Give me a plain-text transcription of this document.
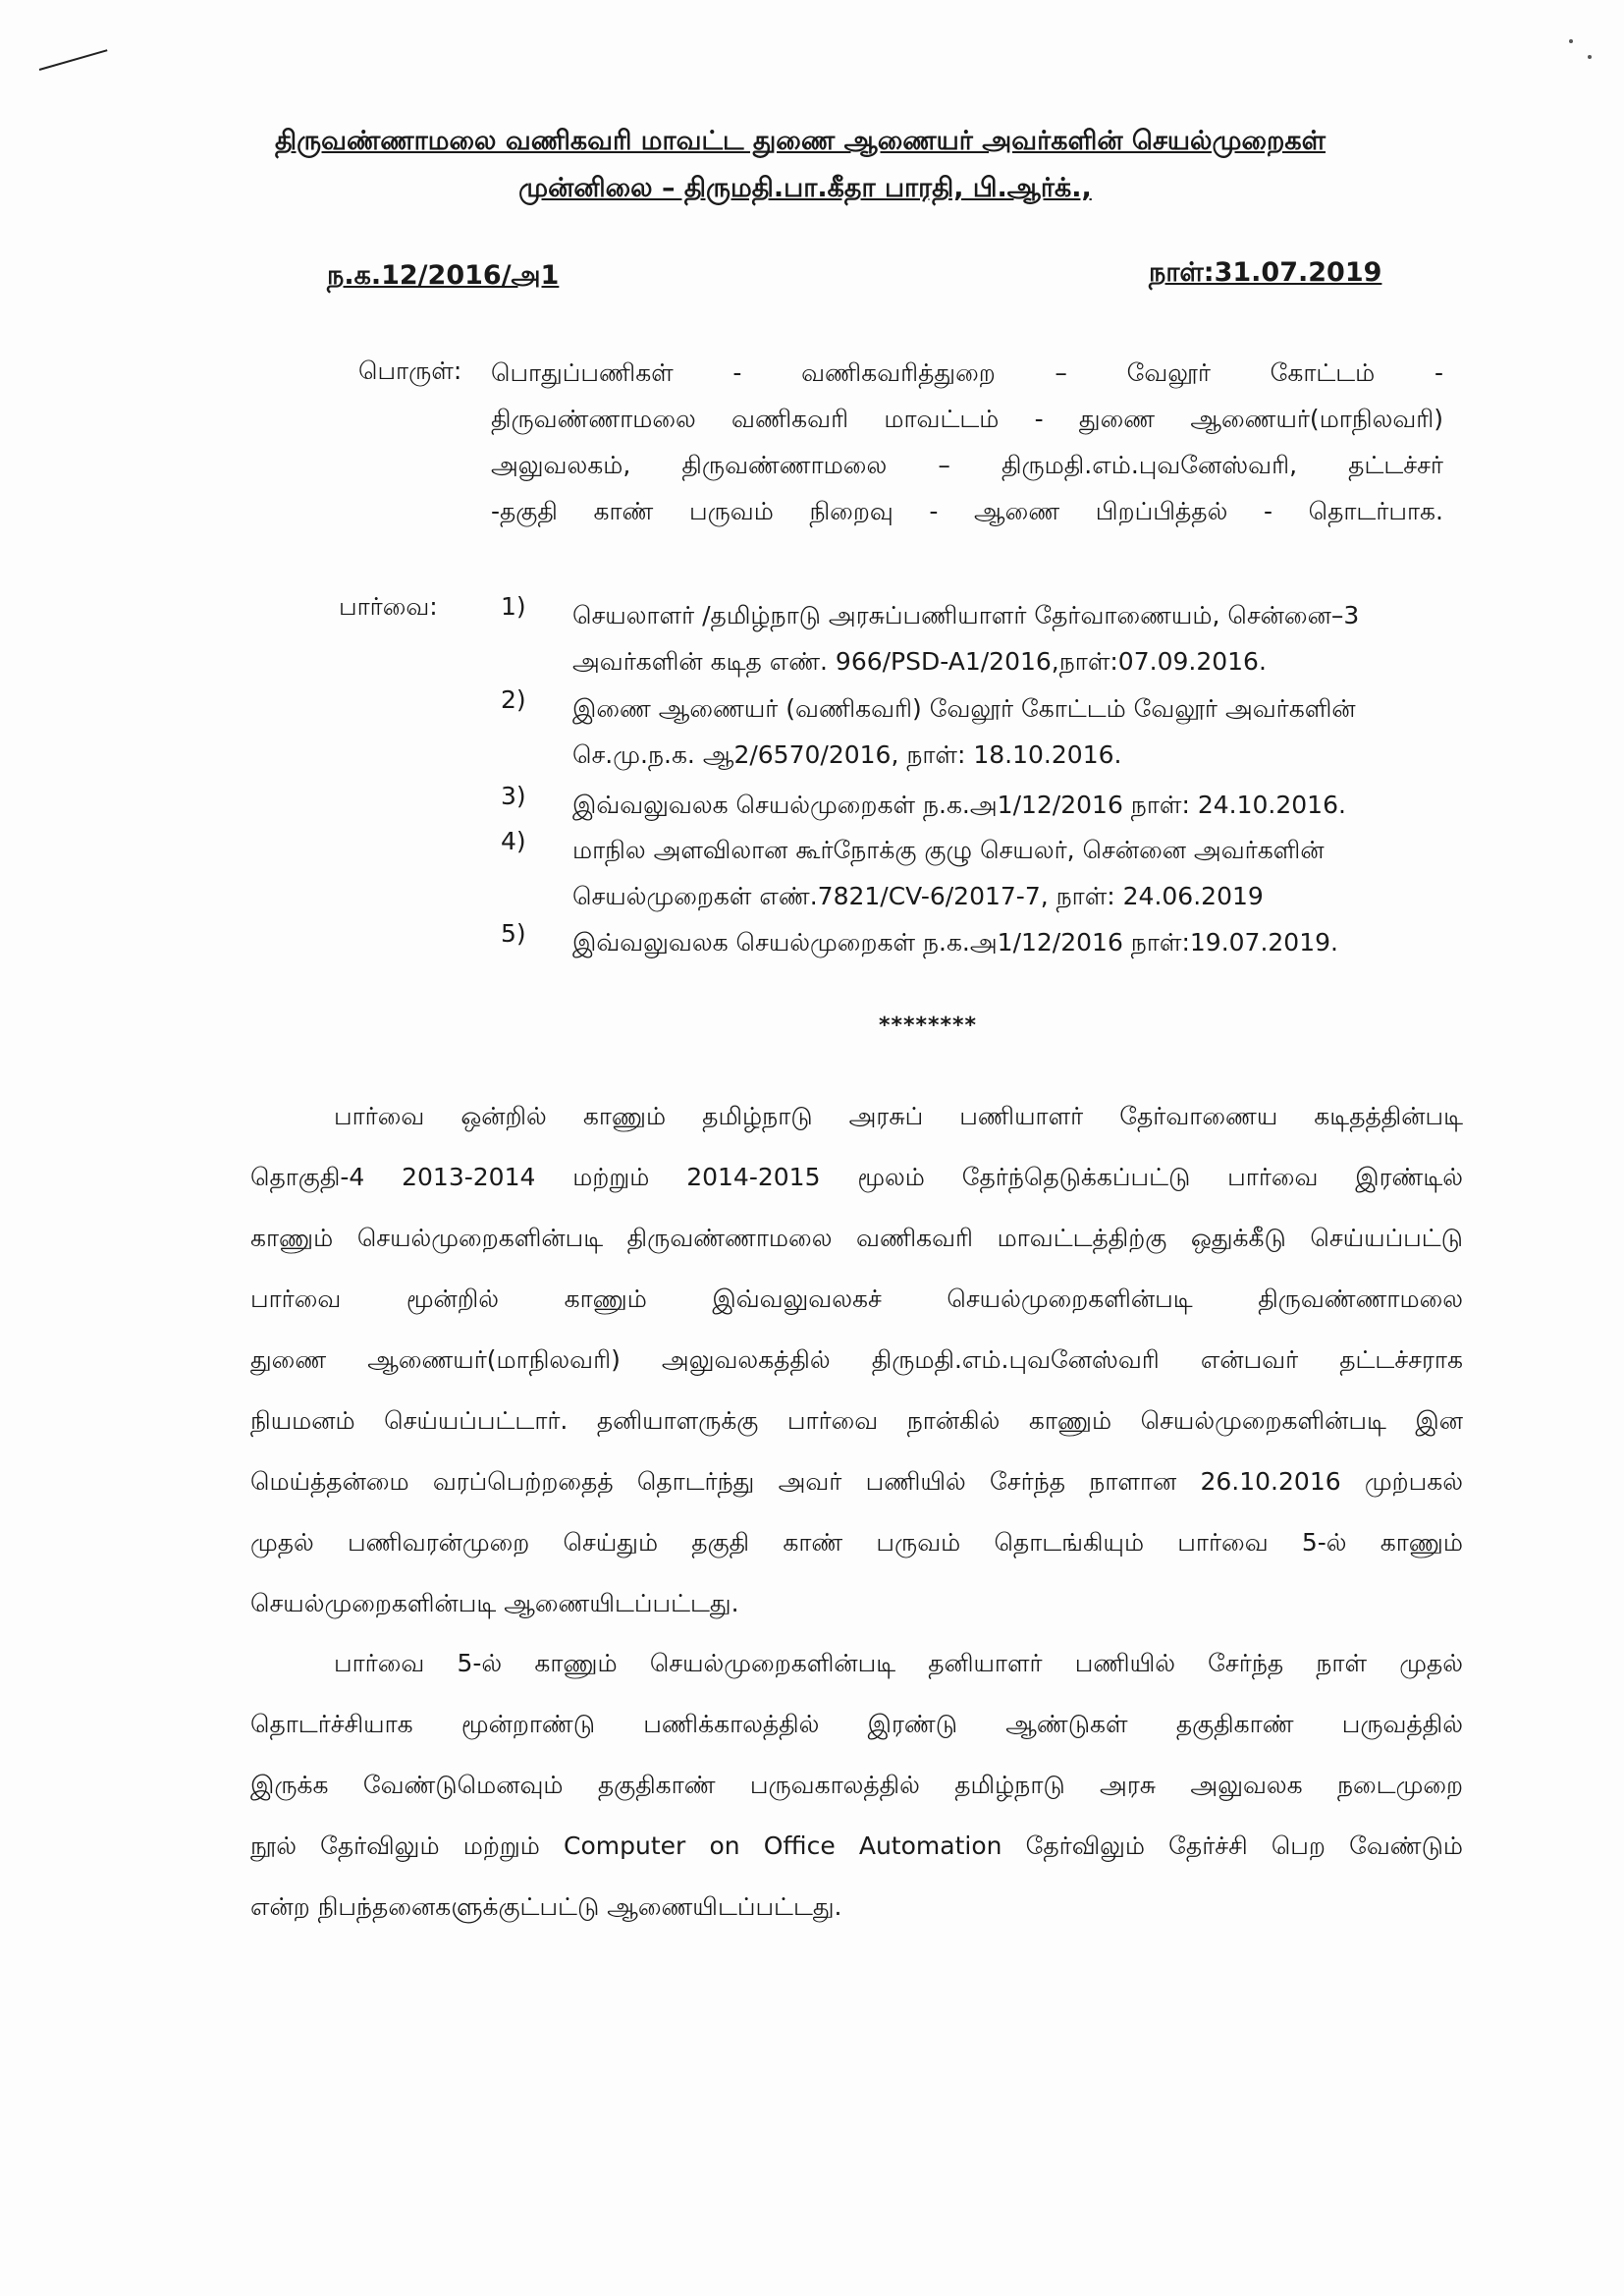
திருவண்ணாமலை வணிகவரி மாவட்ட துணை ஆணையர் அவர்களின் செயல்முறைகள்
முன்னிலை – திருமதி.பா.கீதா பாரதி, பி.ஆர்க்.,
ந.க.12/2016/அ1	நாள்:31.07.2019
பொருள்: பொதுப்பணிகள் - வணிகவரித்துறை – வேலூர் கோட்டம் -
திருவண்ணாமலை வணிகவரி மாவட்டம் - துணை ஆணையர்(மாநிலவரி)
அலுவலகம், திருவண்ணாமலை – திருமதி.எம்.புவனேஸ்வரி, தட்டச்சர்
-தகுதி காண் பருவம் நிறைவு - ஆணை பிறப்பித்தல் - தொடர்பாக.
பார்வை:	1)	செயலாளர் /தமிழ்நாடு அரசுப்பணியாளர் தேர்வாணையம், சென்னை–3
அவர்களின் கடித எண். 966/PSD-A1/2016,நாள்:07.09.2016.
2)	இணை ஆணையர் (வணிகவரி) வேலூர் கோட்டம் வேலூர் அவர்களின்
செ.மு.ந.க. ஆ2/6570/2016, நாள்: 18.10.2016.
3)	இவ்வலுவலக செயல்முறைகள் ந.க.அ1/12/2016 நாள்: 24.10.2016.
4)	மாநில அளவிலான கூர்நோக்கு குழு செயலர், சென்னை அவர்களின்
செயல்முறைகள் எண்.7821/CV-6/2017-7, நாள்: 24.06.2019
5)	இவ்வலுவலக செயல்முறைகள் ந.க.அ1/12/2016 நாள்:19.07.2019.
********
பார்வை ஒன்றில் காணும் தமிழ்நாடு அரசுப் பணியாளர் தேர்வாணைய கடிதத்தின்படி
தொகுதி-4 2013-2014 மற்றும் 2014-2015 மூலம் தேர்ந்தெடுக்கப்பட்டு பார்வை இரண்டில்
காணும் செயல்முறைகளின்படி திருவண்ணாமலை வணிகவரி மாவட்டத்திற்கு ஒதுக்கீடு செய்யப்பட்டு
பார்வை மூன்றில் காணும் இவ்வலுவலகச் செயல்முறைகளின்படி திருவண்ணாமலை
துணை ஆணையர்(மாநிலவரி) அலுவலகத்தில் திருமதி.எம்.புவனேஸ்வரி என்பவர் தட்டச்சராக
நியமனம் செய்யப்பட்டார். தனியாளருக்கு பார்வை நான்கில் காணும் செயல்முறைகளின்படி இன
மெய்த்தன்மை வரப்பெற்றதைத் தொடர்ந்து அவர் பணியில் சேர்ந்த நாளான 26.10.2016 முற்பகல்
முதல் பணிவரன்முறை செய்தும் தகுதி காண் பருவம் தொடங்கியும் பார்வை 5-ல் காணும்
செயல்முறைகளின்படி ஆணையிடப்பட்டது.
பார்வை 5-ல் காணும் செயல்முறைகளின்படி தனியாளர் பணியில் சேர்ந்த நாள் முதல்
தொடர்ச்சியாக மூன்றாண்டு பணிக்காலத்தில் இரண்டு ஆண்டுகள் தகுதிகாண் பருவத்தில்
இருக்க வேண்டுமெனவும் தகுதிகாண் பருவகாலத்தில் தமிழ்நாடு அரசு அலுவலக நடைமுறை
நூல் தேர்விலும் மற்றும் Computer on Office Automation தேர்விலும் தேர்ச்சி பெற வேண்டும்
என்ற நிபந்தனைகளுக்குட்பட்டு ஆணையிடப்பட்டது.
